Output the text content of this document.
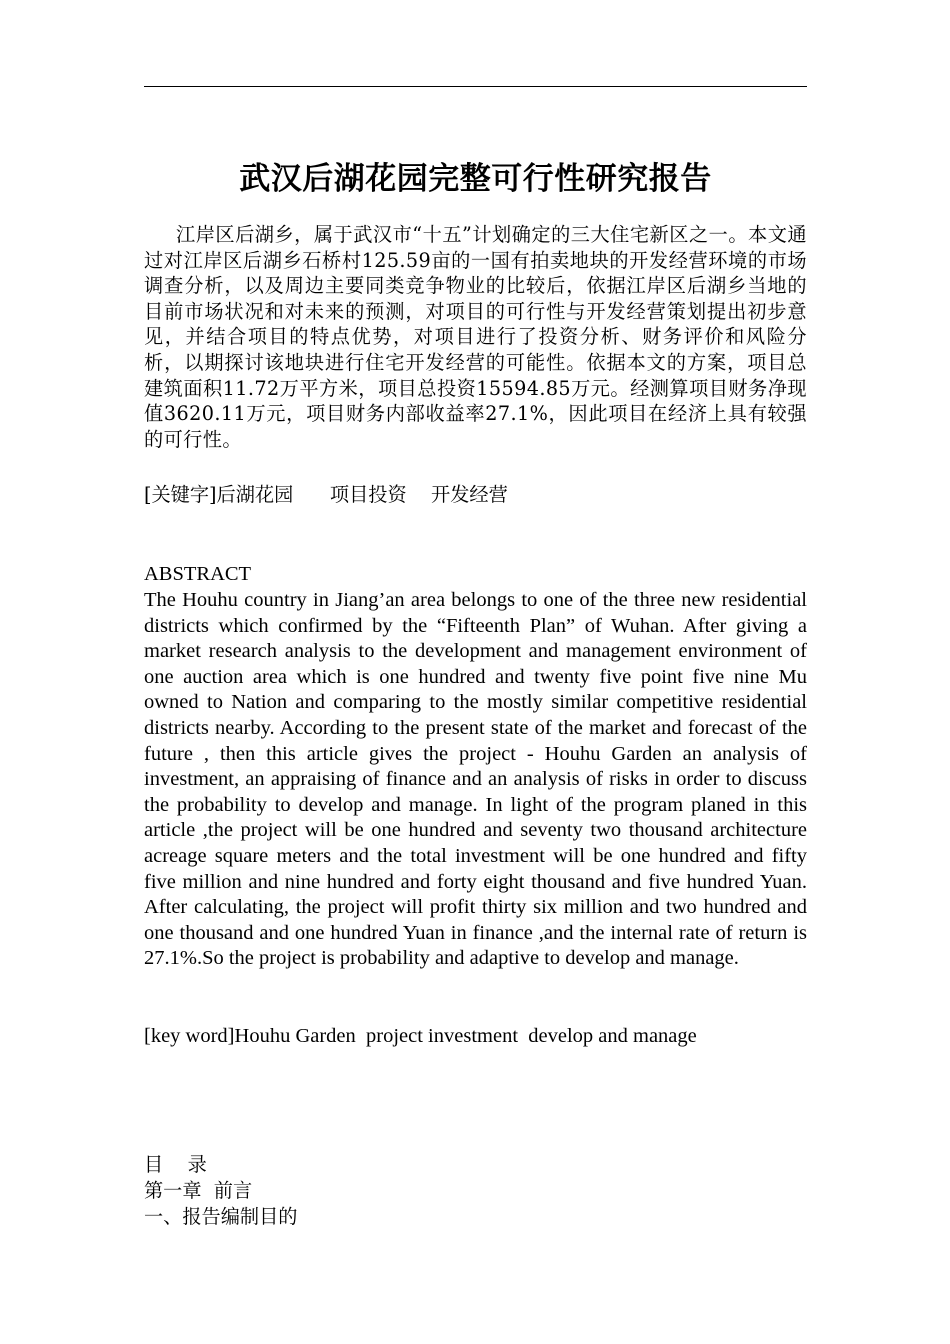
武汉后湖花园完整可行性研究报告
江岸区后湖乡，属于武汉市“十五”计划确定的三大住宅新区之一。本文通过对江岸区后湖乡石桥村125.59亩的一国有拍卖地块的开发经营环境的市场调查分析，以及周边主要同类竞争物业的比较后，依据江岸区后湖乡当地的目前市场状况和对未来的预测，对项目的可行性与开发经营策划提出初步意见，并结合项目的特点优势，对项目进行了投资分析、财务评价和风险分析，以期探讨该地块进行住宅开发经营的可能性。依据本文的方案，项目总建筑面积11.72万平方米，项目总投资15594.85万元。经测算项目财务净现值3620.11万元，项目财务内部收益率27.1%，因此项目在经济上具有较强的可行性。
[关键字]后湖花园      项目投资    开发经营
ABSTRACT
The Houhu country in Jiang’an area belongs to one of the three new residential districts which confirmed by the “Fifteenth Plan” of Wuhan. After giving a market research analysis to the development and management environment of one auction area which is one hundred and twenty five point five nine Mu owned to Nation and comparing to the mostly similar competitive residential districts nearby. According to the present state of the market and forecast of the future , then this article gives the project - Houhu Garden an analysis of investment, an appraising of finance and an analysis of risks in order to discuss the probability to develop and manage. In light of the program planed in this article ,the project will be one hundred and seventy two thousand architecture acreage square meters and the total investment will be one hundred and fifty five million and nine hundred and forty eight thousand and five hundred Yuan. After calculating, the project will profit thirty six million and two hundred and one thousand and one hundred Yuan in finance ,and the internal rate of return is 27.1%.So the project is probability and adaptive to develop and manage.
[key word]Houhu Garden  project investment  develop and manage
目    录
第一章  前言
一、报告编制目的
